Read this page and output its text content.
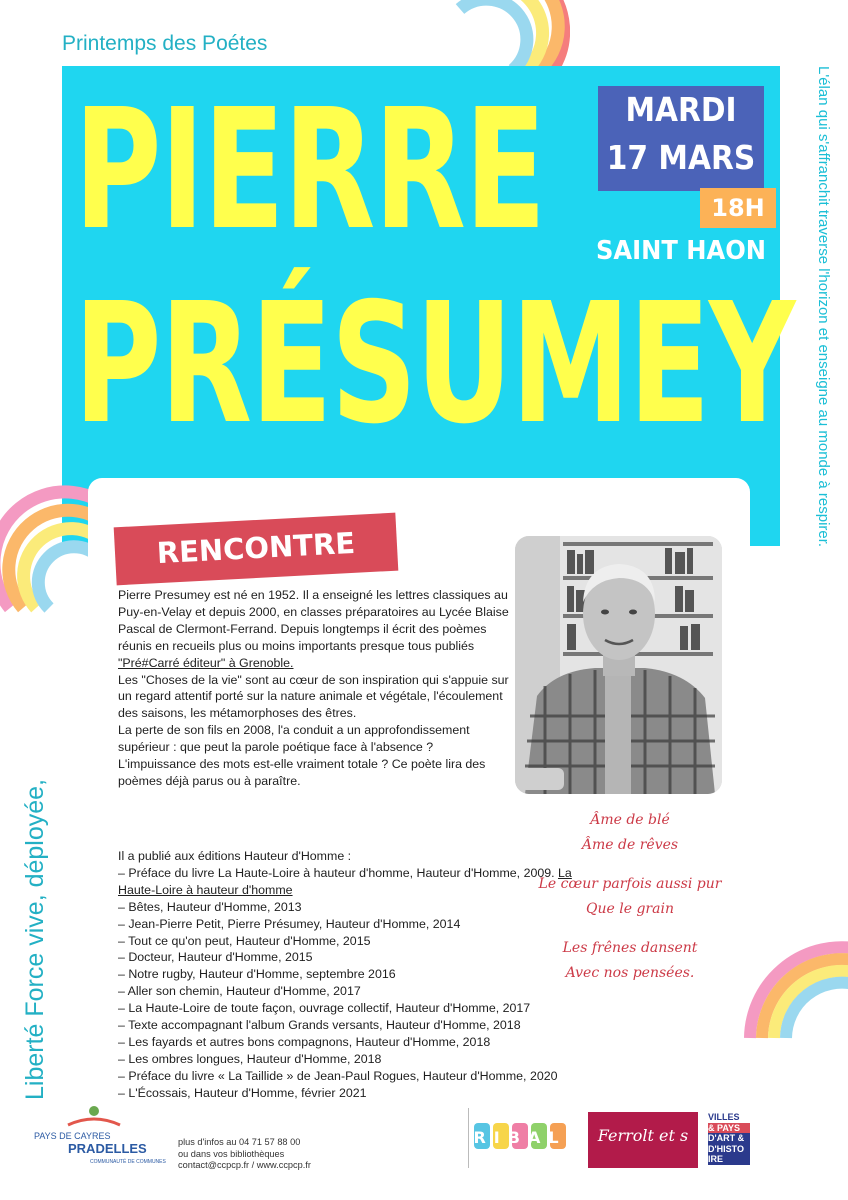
Printemps des Poétes
PIERRE
PRÉSUMEY
MARDI
17 MARS
18H
SAINT HAON	L'élan qui s'affranchit traverse l'horizon et enseigne au monde à respirer.
Liberté Force vive, déployée,
RENCONTRE

Pierre Presumey est né en 1952. Il a enseigné les lettres classiques au Puy-en-Velay et depuis 2000, en classes préparatoires au Lycée Blaise Pascal de Clermont-Ferrand. Depuis longtemps il écrit des poèmes réunis en recueils plus ou moins importants presque tous publiés "Pré#Carré éditeur" à Grenoble.

Les "Choses de la vie" sont au cœur de son inspiration qui s'appuie sur un regard attentif porté sur la nature animale et végétale, l'écoulement des saisons, les métamorphoses des êtres.

La perte de son fils en 2008, l'a conduit a un approfondissement supérieur : que peut la parole poétique face à l'absence ? L'impuissance des mots est-elle vraiment totale ? Ce poète lira des poèmes déjà parus ou à paraître.

Il a publié aux éditions Hauteur d'Homme :
– Préface du livre La Haute-Loire à hauteur d'homme, Hauteur d'Homme, 2009. La Haute-Loire à hauteur d'homme
– Bêtes, Hauteur d'Homme, 2013
– Jean-Pierre Petit, Pierre Présumey, Hauteur d'Homme, 2014
– Tout ce qu'on peut, Hauteur d'Homme, 2015
– Docteur, Hauteur d'Homme, 2015
– Notre rugby, Hauteur d'Homme, septembre 2016
– Aller son chemin, Hauteur d'Homme, 2017
– La Haute-Loire de toute façon, ouvrage collectif, Hauteur d'Homme, 2017
– Texte accompagnant l'album Grands versants, Hauteur d'Homme, 2018
– Les fayards et autres bons compagnons, Hauteur d'Homme, 2018
– Les ombres longues, Hauteur d'Homme, 2018
– Préface du livre « La Taillide » de Jean-Paul Rogues, Hauteur d'Homme, 2020
– L'Écossais, Hauteur d'Homme, février 2021
Âme de blé
Âme de rêves
Le cœur parfois aussi pur
Que le grain
Les frênes dansent
Avec nos pensées.
PAYS DE CAYRES
PRADELLES
COMMUNAUTÉ DE COMMUNES
plus d'infos au 04 71 57 88 00
ou dans vos bibliothèques
contact@ccpcp.fr / www.ccpcp.fr
RIBAL	Ferrolt et s
VILLES
& PAYS
D'ART &
D'HISTO
IRE
